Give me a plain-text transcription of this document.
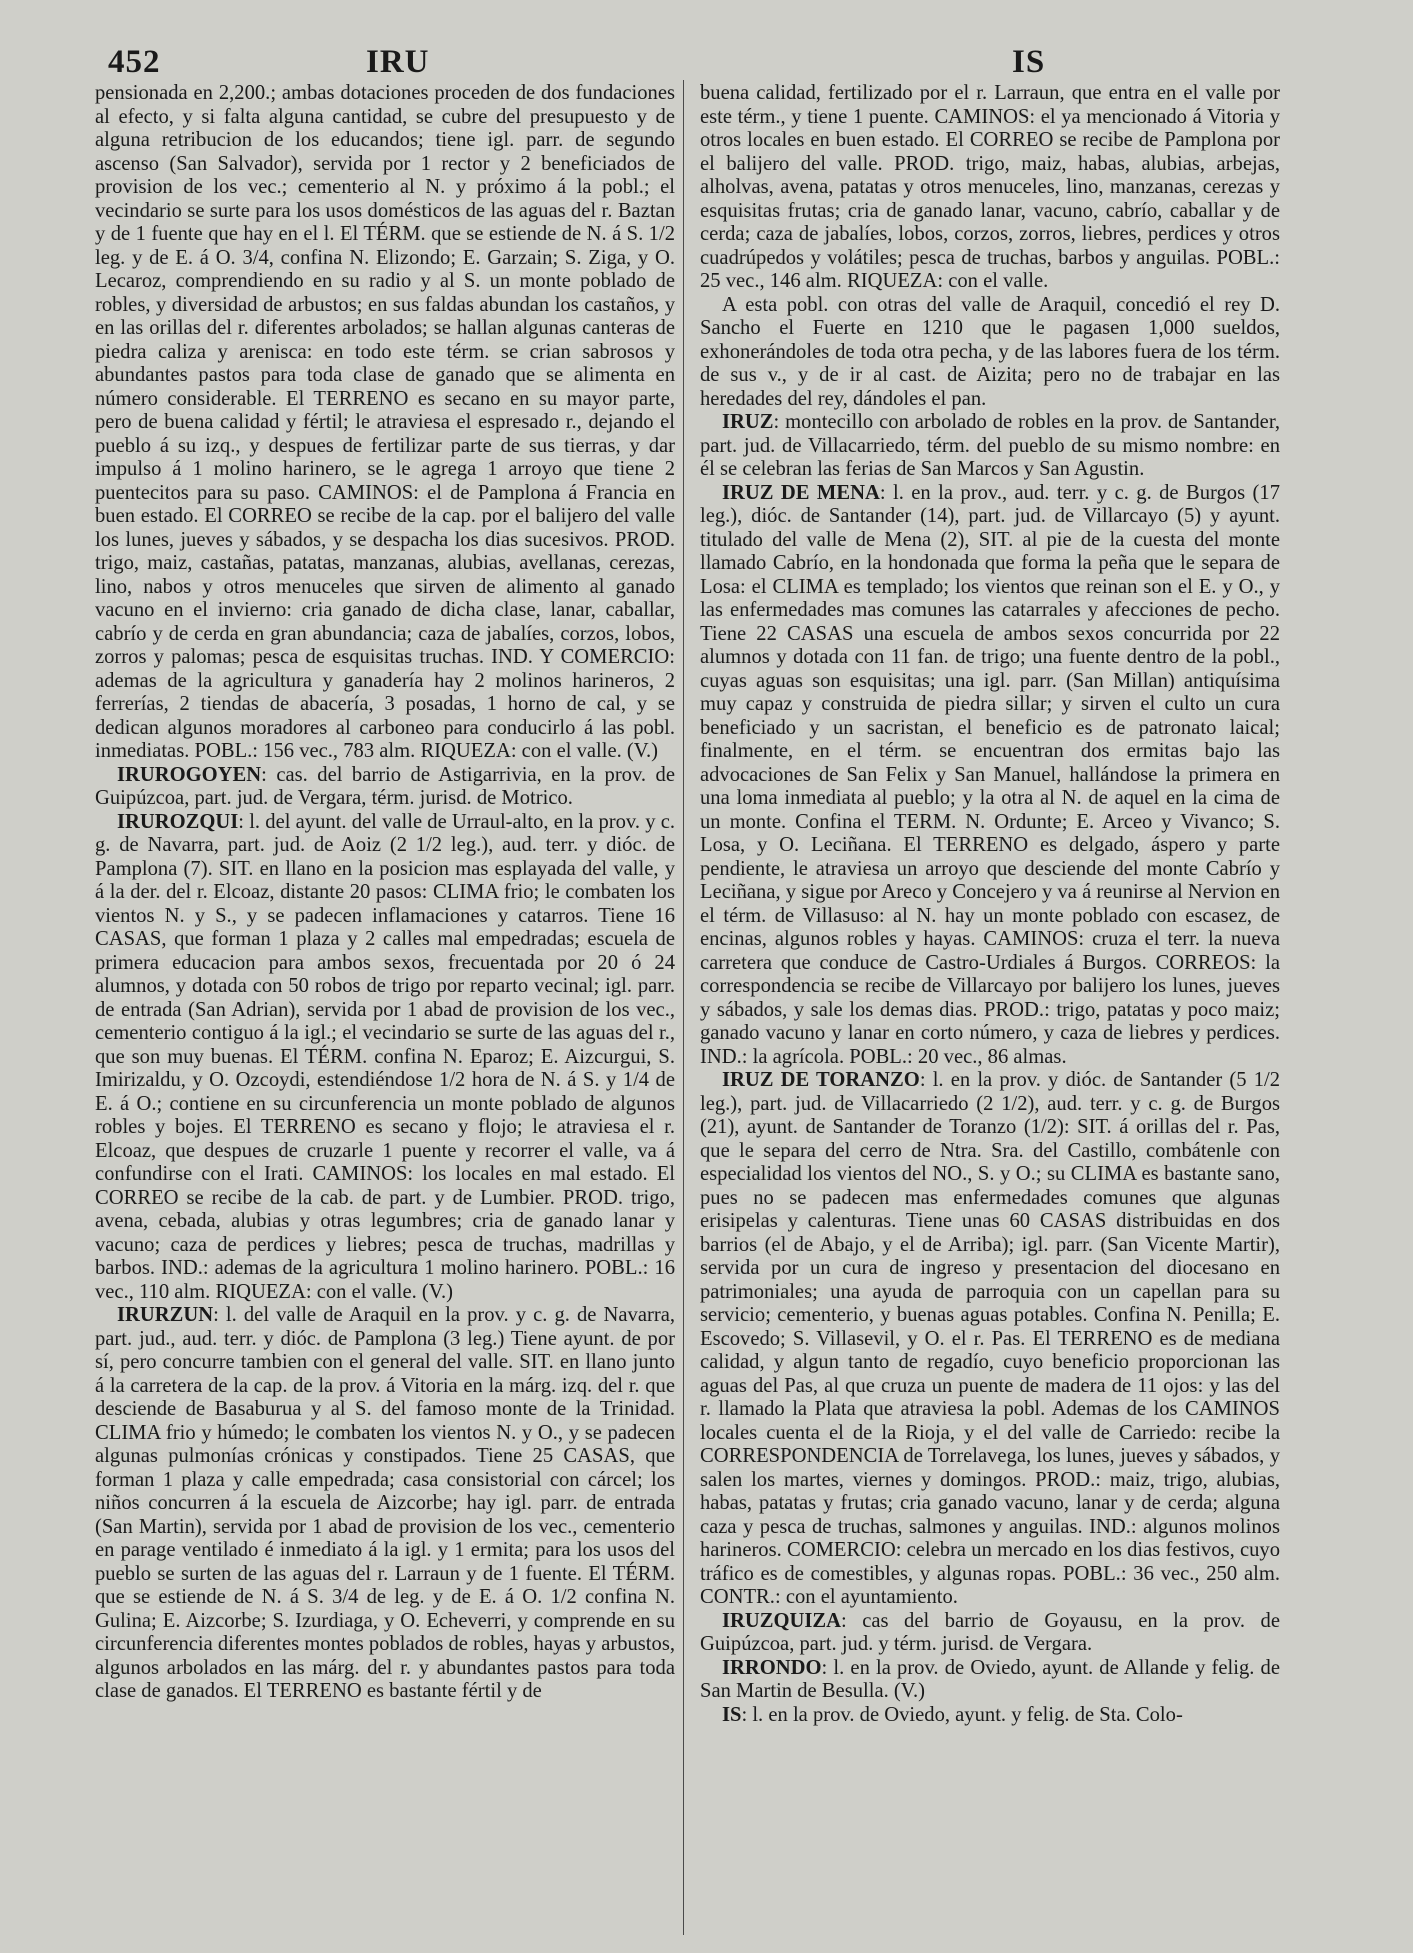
452	IRU	IS

pensionada en 2,200.; ambas dotaciones proceden de dos fundaciones al efecto, y si falta alguna cantidad, se cubre del presupuesto y de alguna retribucion de los educandos; tiene igl. parr. de segundo ascenso (San Salvador), servida por 1 rector y 2 beneficiados de provision de los vec.; cementerio al N. y próximo á la pobl.; el vecindario se surte para los usos domésticos de las aguas del r. Baztan y de 1 fuente que hay en el l. El TÉRM. que se estiende de N. á S. 1/2 leg. y de E. á O. 3/4, confina N. Elizondo; E. Garzain; S. Ziga, y O. Lecaroz, comprendiendo en su radio y al S. un monte poblado de robles, y diversidad de arbustos; en sus faldas abundan los castaños, y en las orillas del r. diferentes arbolados; se hallan algunas canteras de piedra caliza y arenisca: en todo este térm. se crian sabrosos y abundantes pastos para toda clase de ganado que se alimenta en número considerable. El TERRENO es secano en su mayor parte, pero de buena calidad y fértil; le atraviesa el espresado r., dejando el pueblo á su izq., y despues de fertilizar parte de sus tierras, y dar impulso á 1 molino harinero, se le agrega 1 arroyo que tiene 2 puentecitos para su paso. CAMINOS: el de Pamplona á Francia en buen estado. El CORREO se recibe de la cap. por el balijero del valle los lunes, jueves y sábados, y se despacha los dias sucesivos. PROD. trigo, maiz, castañas, patatas, manzanas, alubias, avellanas, cerezas, lino, nabos y otros menuceles que sirven de alimento al ganado vacuno en el invierno: cria ganado de dicha clase, lanar, caballar, cabrío y de cerda en gran abundancia; caza de jabalíes, corzos, lobos, zorros y palomas; pesca de esquisitas truchas. IND. Y COMERCIO: ademas de la agricultura y ganadería hay 2 molinos harineros, 2 ferrerías, 2 tiendas de abacería, 3 posadas, 1 horno de cal, y se dedican algunos moradores al carboneo para conducirlo á las pobl. inmediatas. POBL.: 156 vec., 783 alm. RIQUEZA: con el valle. (V.)

IRUROGOYEN: cas. del barrio de Astigarrivia, en la prov. de Guipúzcoa, part. jud. de Vergara, térm. jurisd. de Motrico.

IRUROZQUI: l. del ayunt. del valle de Urraul-alto, en la prov. y c. g. de Navarra, part. jud. de Aoiz (2 1/2 leg.), aud. terr. y dióc. de Pamplona (7). SIT. en llano en la posicion mas esplayada del valle, y á la der. del r. Elcoaz, distante 20 pasos: CLIMA frio; le combaten los vientos N. y S., y se padecen inflamaciones y catarros. Tiene 16 CASAS, que forman 1 plaza y 2 calles mal empedradas; escuela de primera educacion para ambos sexos, frecuentada por 20 ó 24 alumnos, y dotada con 50 robos de trigo por reparto vecinal; igl. parr. de entrada (San Adrian), servida por 1 abad de provision de los vec., cementerio contiguo á la igl.; el vecindario se surte de las aguas del r., que son muy buenas. El TÉRM. confina N. Eparoz; E. Aizcurgui, S. Imirizaldu, y O. Ozcoydi, estendiéndose 1/2 hora de N. á S. y 1/4 de E. á O.; contiene en su circunferencia un monte poblado de algunos robles y bojes. El TERRENO es secano y flojo; le atraviesa el r. Elcoaz, que despues de cruzarle 1 puente y recorrer el valle, va á confundirse con el Irati. CAMINOS: los locales en mal estado. El CORREO se recibe de la cab. de part. y de Lumbier. PROD. trigo, avena, cebada, alubias y otras legumbres; cria de ganado lanar y vacuno; caza de perdices y liebres; pesca de truchas, madrillas y barbos. IND.: ademas de la agricultura 1 molino harinero. POBL.: 16 vec., 110 alm. RIQUEZA: con el valle. (V.)

IRURZUN: l. del valle de Araquil en la prov. y c. g. de Navarra, part. jud., aud. terr. y dióc. de Pamplona (3 leg.) Tiene ayunt. de por sí, pero concurre tambien con el general del valle. SIT. en llano junto á la carretera de la cap. de la prov. á Vitoria en la márg. izq. del r. que desciende de Basaburua y al S. del famoso monte de la Trinidad. CLIMA frio y húmedo; le combaten los vientos N. y O., y se padecen algunas pulmonías crónicas y constipados. Tiene 25 CASAS, que forman 1 plaza y calle empedrada; casa consistorial con cárcel; los niños concurren á la escuela de Aizcorbe; hay igl. parr. de entrada (San Martin), servida por 1 abad de provision de los vec., cementerio en parage ventilado é inmediato á la igl. y 1 ermita; para los usos del pueblo se surten de las aguas del r. Larraun y de 1 fuente. El TÉRM. que se estiende de N. á S. 3/4 de leg. y de E. á O. 1/2 confina N. Gulina; E. Aizcorbe; S. Izurdiaga, y O. Echeverri, y comprende en su circunferencia diferentes montes poblados de robles, hayas y arbustos, algunos arbolados en las márg. del r. y abundantes pastos para toda clase de ganados. El TERRENO es bastante fértil y de

buena calidad, fertilizado por el r. Larraun, que entra en el valle por este térm., y tiene 1 puente. CAMINOS: el ya mencionado á Vitoria y otros locales en buen estado. El CORREO se recibe de Pamplona por el balijero del valle. PROD. trigo, maiz, habas, alubias, arbejas, alholvas, avena, patatas y otros menuceles, lino, manzanas, cerezas y esquisitas frutas; cria de ganado lanar, vacuno, cabrío, caballar y de cerda; caza de jabalíes, lobos, corzos, zorros, liebres, perdices y otros cuadrúpedos y volátiles; pesca de truchas, barbos y anguilas. POBL.: 25 vec., 146 alm. RIQUEZA: con el valle.

A esta pobl. con otras del valle de Araquil, concedió el rey D. Sancho el Fuerte en 1210 que le pagasen 1,000 sueldos, exhonerándoles de toda otra pecha, y de las labores fuera de los térm. de sus v., y de ir al cast. de Aizita; pero no de trabajar en las heredades del rey, dándoles el pan.

IRUZ: montecillo con arbolado de robles en la prov. de Santander, part. jud. de Villacarriedo, térm. del pueblo de su mismo nombre: en él se celebran las ferias de San Marcos y San Agustin.

IRUZ DE MENA: l. en la prov., aud. terr. y c. g. de Burgos (17 leg.), dióc. de Santander (14), part. jud. de Villarcayo (5) y ayunt. titulado del valle de Mena (2), SIT. al pie de la cuesta del monte llamado Cabrío, en la hondonada que forma la peña que le separa de Losa: el CLIMA es templado; los vientos que reinan son el E. y O., y las enfermedades mas comunes las catarrales y afecciones de pecho. Tiene 22 CASAS una escuela de ambos sexos concurrida por 22 alumnos y dotada con 11 fan. de trigo; una fuente dentro de la pobl., cuyas aguas son esquisitas; una igl. parr. (San Millan) antiquísima muy capaz y construida de piedra sillar; y sirven el culto un cura beneficiado y un sacristan, el beneficio es de patronato laical; finalmente, en el térm. se encuentran dos ermitas bajo las advocaciones de San Felix y San Manuel, hallándose la primera en una loma inmediata al pueblo; y la otra al N. de aquel en la cima de un monte. Confina el TERM. N. Ordunte; E. Arceo y Vivanco; S. Losa, y O. Leciñana. El TERRENO es delgado, áspero y parte pendiente, le atraviesa un arroyo que desciende del monte Cabrío y Leciñana, y sigue por Areco y Concejero y va á reunirse al Nervion en el térm. de Villasuso: al N. hay un monte poblado con escasez, de encinas, algunos robles y hayas. CAMINOS: cruza el terr. la nueva carretera que conduce de Castro-Urdiales á Burgos. CORREOS: la correspondencia se recibe de Villarcayo por balijero los lunes, jueves y sábados, y sale los demas dias. PROD.: trigo, patatas y poco maiz; ganado vacuno y lanar en corto número, y caza de liebres y perdices. IND.: la agrícola. POBL.: 20 vec., 86 almas.

IRUZ DE TORANZO: l. en la prov. y dióc. de Santander (5 1/2 leg.), part. jud. de Villacarriedo (2 1/2), aud. terr. y c. g. de Burgos (21), ayunt. de Santander de Toranzo (1/2): SIT. á orillas del r. Pas, que le separa del cerro de Ntra. Sra. del Castillo, combátenle con especialidad los vientos del NO., S. y O.; su CLIMA es bastante sano, pues no se padecen mas enfermedades comunes que algunas erisipelas y calenturas. Tiene unas 60 CASAS distribuidas en dos barrios (el de Abajo, y el de Arriba); igl. parr. (San Vicente Martir), servida por un cura de ingreso y presentacion del diocesano en patrimoniales; una ayuda de parroquia con un capellan para su servicio; cementerio, y buenas aguas potables. Confina N. Penilla; E. Escovedo; S. Villasevil, y O. el r. Pas. El TERRENO es de mediana calidad, y algun tanto de regadío, cuyo beneficio proporcionan las aguas del Pas, al que cruza un puente de madera de 11 ojos: y las del r. llamado la Plata que atraviesa la pobl. Ademas de los CAMINOS locales cuenta el de la Rioja, y el del valle de Carriedo: recibe la CORRESPONDENCIA de Torrelavega, los lunes, jueves y sábados, y salen los martes, viernes y domingos. PROD.: maiz, trigo, alubias, habas, patatas y frutas; cria ganado vacuno, lanar y de cerda; alguna caza y pesca de truchas, salmones y anguilas. IND.: algunos molinos harineros. COMERCIO: celebra un mercado en los dias festivos, cuyo tráfico es de comestibles, y algunas ropas. POBL.: 36 vec., 250 alm. CONTR.: con el ayuntamiento.

IRUZQUIZA: cas del barrio de Goyausu, en la prov. de Guipúzcoa, part. jud. y térm. jurisd. de Vergara.

IRRONDO: l. en la prov. de Oviedo, ayunt. de Allande y felig. de San Martin de Besulla. (V.)

IS: l. en la prov. de Oviedo, ayunt. y felig. de Sta. Colo-
